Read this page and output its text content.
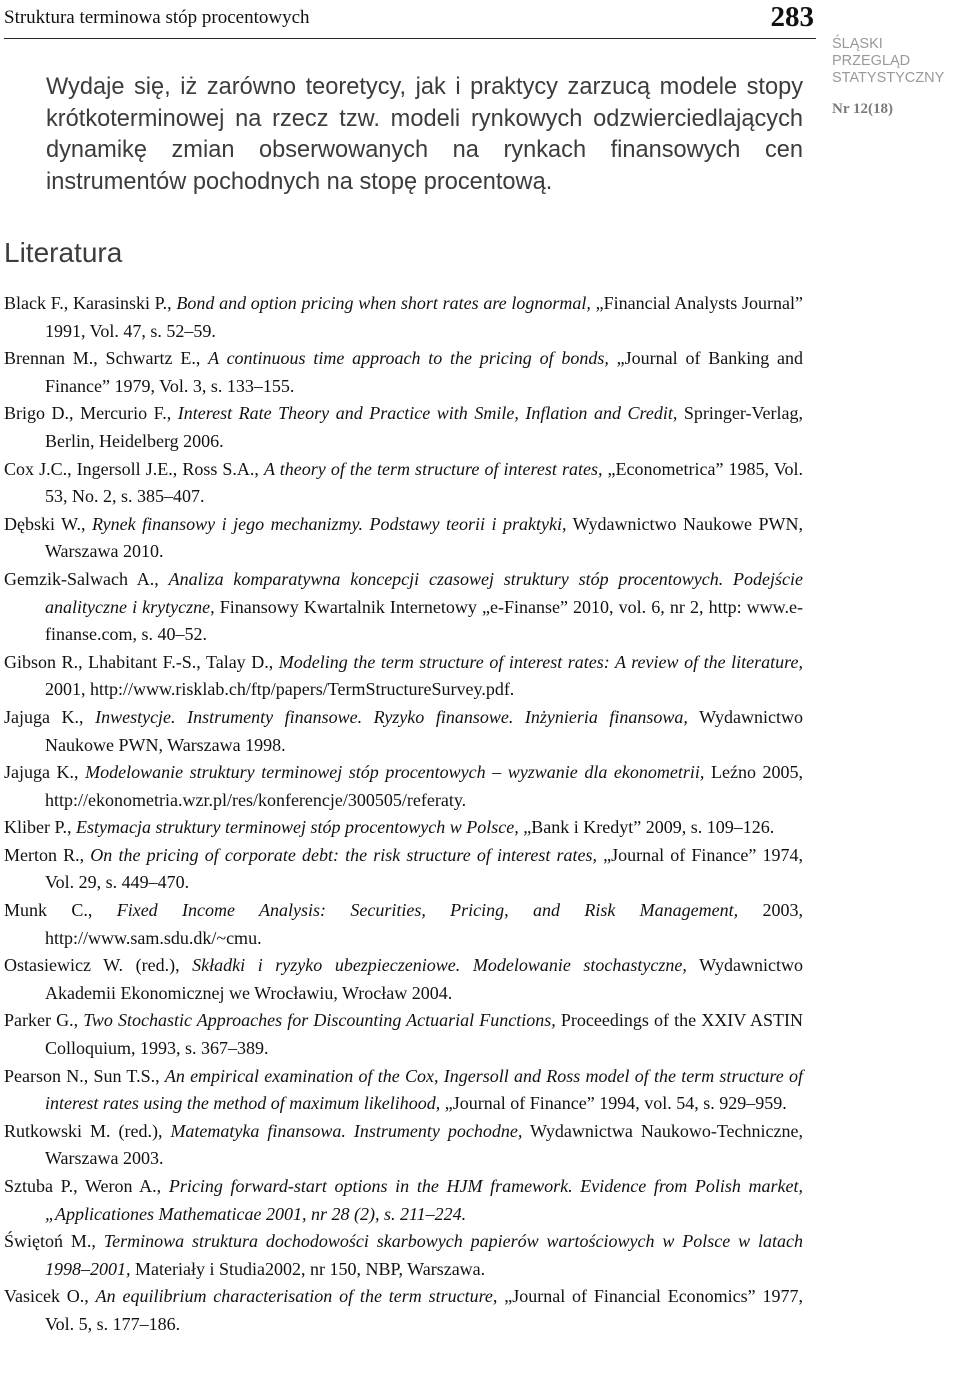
Struktura terminowa stóp procentowych	283
ŚLĄSKI
PRZEGLĄD
STATYSTYCZNY
Nr 12(18)

Wydaje się, iż zarówno teoretycy, jak i praktycy zarzucą modele stopy krótkoterminowej na rzecz tzw. modeli rynkowych odzwierciedlających dynamikę zmian obserwowanych na rynkach finansowych cen instrumentów pochodnych na stopę procentową.

Literatura

Black F., Karasinski P., Bond and option pricing when short rates are lognormal, „Financial Analysts Journal” 1991, Vol. 47, s. 52–59.

Brennan M., Schwartz E., A continuous time approach to the pricing of bonds, „Journal of Banking and Finance” 1979, Vol. 3, s. 133–155.

Brigo D., Mercurio F., Interest Rate Theory and Practice with Smile, Inflation and Credit, Springer-Verlag, Berlin, Heidelberg 2006.

Cox J.C., Ingersoll J.E., Ross S.A., A theory of the term structure of interest rates, „Econometrica” 1985, Vol. 53, No. 2, s. 385–407.

Dębski W., Rynek finansowy i jego mechanizmy. Podstawy teorii i praktyki, Wydawnictwo Naukowe PWN, Warszawa 2010.

Gemzik-Salwach A., Analiza komparatywna koncepcji czasowej struktury stóp procentowych. Podejście analityczne i krytyczne, Finansowy Kwartalnik Internetowy „e-Finanse” 2010, vol. 6, nr 2, http: www.e-finanse.com, s. 40–52.

Gibson R., Lhabitant F.-S., Talay D., Modeling the term structure of interest rates: A review of the literature, 2001, http://www.risklab.ch/ftp/papers/TermStructureSurvey.pdf.

Jajuga K., Inwestycje. Instrumenty finansowe. Ryzyko finansowe. Inżynieria finansowa, Wydawnictwo Naukowe PWN, Warszawa 1998.

Jajuga K., Modelowanie struktury terminowej stóp procentowych – wyzwanie dla ekonometrii, Leźno 2005, http://ekonometria.wzr.pl/res/konferencje/300505/referaty.

Kliber P., Estymacja struktury terminowej stóp procentowych w Polsce, „Bank i Kredyt” 2009, s. 109–126.

Merton R., On the pricing of corporate debt: the risk structure of interest rates, „Journal of Finance” 1974, Vol. 29, s. 449–470.

Munk C., Fixed Income Analysis: Securities, Pricing, and Risk Management, 2003, http://www.sam.sdu.dk/~cmu.

Ostasiewicz W. (red.), Składki i ryzyko ubezpieczeniowe. Modelowanie stochastyczne, Wydawnictwo Akademii Ekonomicznej we Wrocławiu, Wrocław 2004.

Parker G., Two Stochastic Approaches for Discounting Actuarial Functions, Proceedings of the XXIV ASTIN Colloquium, 1993, s. 367–389.

Pearson N., Sun T.S., An empirical examination of the Cox, Ingersoll and Ross model of the term structure of interest rates using the method of maximum likelihood, „Journal of Finance” 1994, vol. 54, s. 929–959.

Rutkowski M. (red.), Matematyka finansowa. Instrumenty pochodne, Wydawnictwa Naukowo-Techniczne, Warszawa 2003.

Sztuba P., Weron A., Pricing forward-start options in the HJM framework. Evidence from Polish market, „Applicationes Mathematicae 2001, nr 28 (2), s. 211–224.

Świętoń M., Terminowa struktura dochodowości skarbowych papierów wartościowych w Polsce w latach 1998–2001, Materiały i Studia2002, nr 150, NBP, Warszawa.

Vasicek O., An equilibrium characterisation of the term structure, „Journal of Financial Economics” 1977, Vol. 5, s. 177–186.
